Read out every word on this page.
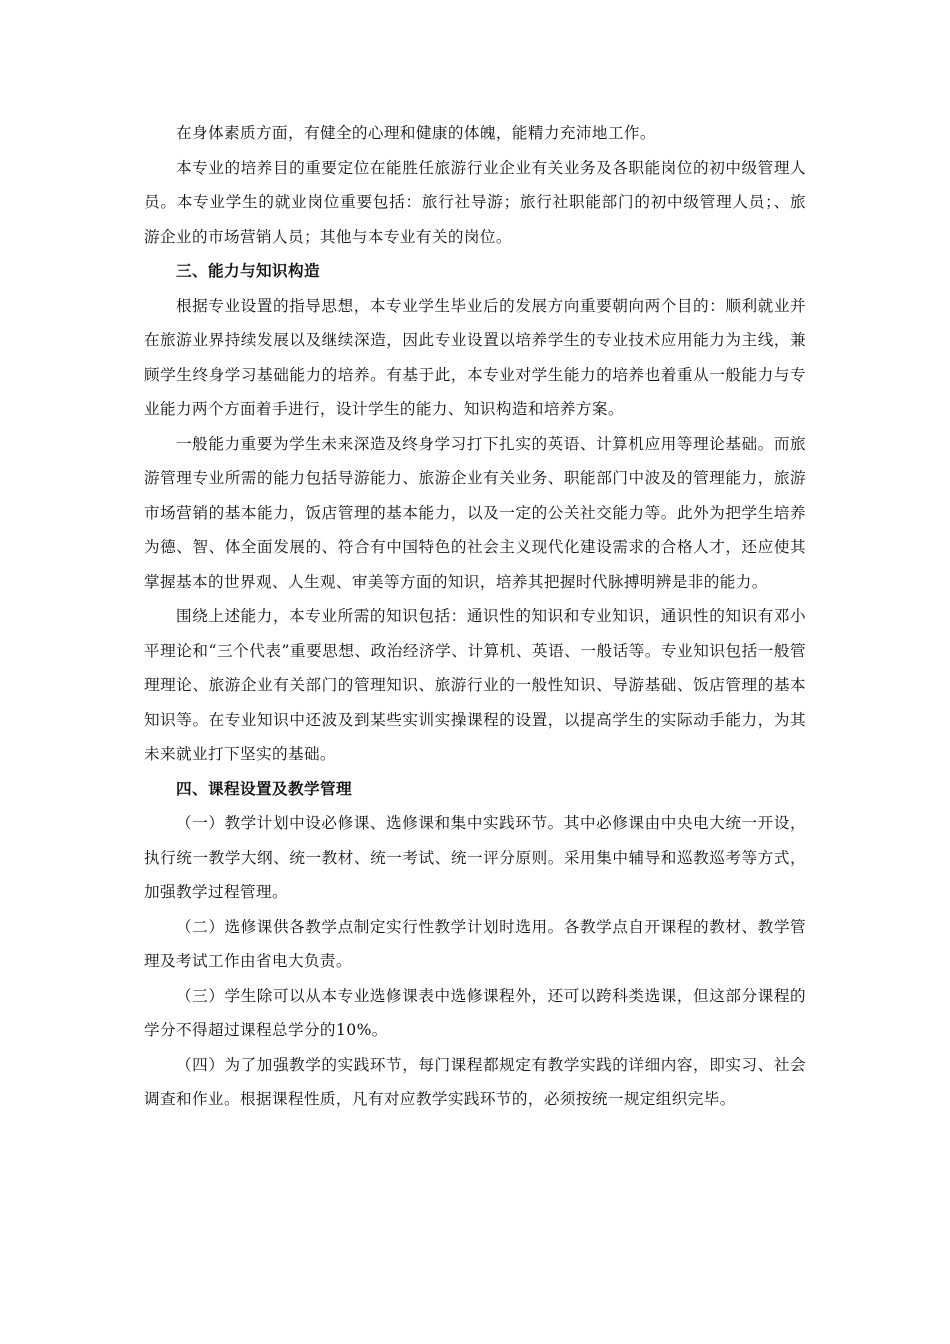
在身体素质方面，有健全的心理和健康的体魄，能精力充沛地工作。

本专业的培养目的重要定位在能胜任旅游行业企业有关业务及各职能岗位的初中级管理人员。本专业学生的就业岗位重要包括：旅行社导游；旅行社职能部门的初中级管理人员；、旅游企业的市场营销人员；其他与本专业有关的岗位。

三、能力与知识构造

根据专业设置的指导思想，本专业学生毕业后的发展方向重要朝向两个目的：顺利就业并在旅游业界持续发展以及继续深造，因此专业设置以培养学生的专业技术应用能力为主线，兼顾学生终身学习基础能力的培养。有基于此，本专业对学生能力的培养也着重从一般能力与专业能力两个方面着手进行，设计学生的能力、知识构造和培养方案。

一般能力重要为学生未来深造及终身学习打下扎实的英语、计算机应用等理论基础。而旅游管理专业所需的能力包括导游能力、旅游企业有关业务、职能部门中波及的管理能力，旅游市场营销的基本能力，饭店管理的基本能力，以及一定的公关社交能力等。此外为把学生培养为德、智、体全面发展的、符合有中国特色的社会主义现代化建设需求的合格人才，还应使其掌握基本的世界观、人生观、审美等方面的知识，培养其把握时代脉搏明辨是非的能力。

围绕上述能力，本专业所需的知识包括：通识性的知识和专业知识，通识性的知识有邓小平理论和“三个代表”重要思想、政治经济学、计算机、英语、一般话等。专业知识包括一般管理理论、旅游企业有关部门的管理知识、旅游行业的一般性知识、导游基础、饭店管理的基本知识等。在专业知识中还波及到某些实训实操课程的设置，以提高学生的实际动手能力，为其未来就业打下坚实的基础。

四、课程设置及教学管理

（一）教学计划中设必修课、选修课和集中实践环节。其中必修课由中央电大统一开设，执行统一教学大纲、统一教材、统一考试、统一评分原则。采用集中辅导和巡教巡考等方式，加强教学过程管理。

（二）选修课供各教学点制定实行性教学计划时选用。各教学点自开课程的教材、教学管理及考试工作由省电大负责。

（三）学生除可以从本专业选修课表中选修课程外，还可以跨科类选课，但这部分课程的学分不得超过课程总学分的10%。

（四）为了加强教学的实践环节，每门课程都规定有教学实践的详细内容，即实习、社会调查和作业。根据课程性质，凡有对应教学实践环节的，必须按统一规定组织完毕。
